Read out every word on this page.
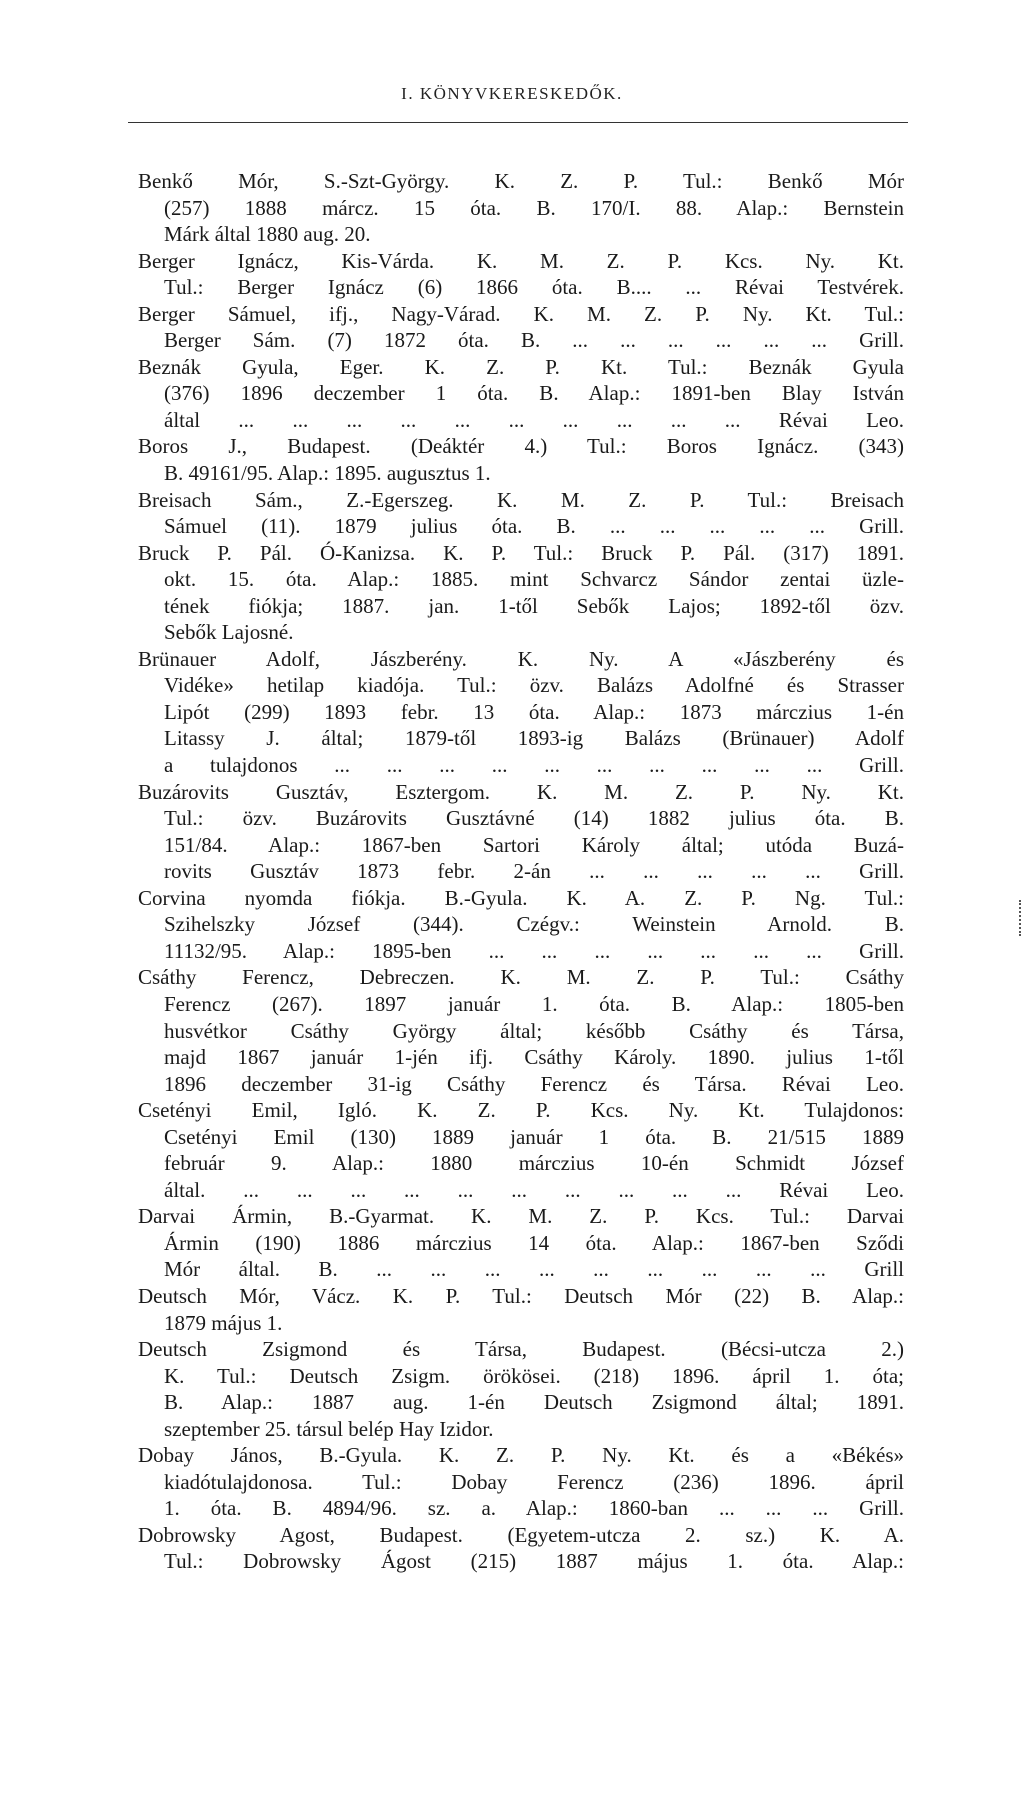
I. KÖNYVKERESKEDŐK.
Benkő Mór, S.-Szt-György. K. Z. P. Tul.: Benkő Mór
(257) 1888 márcz. 15 óta. B. 170/I. 88. Alap.: Bernstein
Márk által 1880 aug. 20.
Berger Ignácz, Kis-Várda. K. M. Z. P. Kcs. Ny. Kt.
Tul.: Berger Ignácz (6) 1866 óta. B.... ... Révai Testvérek.
Berger Sámuel, ifj., Nagy-Várad. K. M. Z. P. Ny. Kt. Tul.:
Berger Sám. (7) 1872 óta. B. ... ... ... ... ... ... Grill.
Beznák Gyula, Eger. K. Z. P. Kt. Tul.: Beznák Gyula
(376) 1896 deczember 1 óta. B. Alap.: 1891-ben Blay István
által ... ... ... ... ... ... ... ... ... ... Révai Leo.
Boros J., Budapest. (Deáktér 4.) Tul.: Boros Ignácz. (343)
B. 49161/95. Alap.: 1895. augusztus 1.
Breisach Sám., Z.-Egerszeg. K. M. Z. P. Tul.: Breisach
Sámuel (11). 1879 julius óta. B. ... ... ... ... ... Grill.
Bruck P. Pál. Ó-Kanizsa. K. P. Tul.: Bruck P. Pál. (317) 1891.
okt. 15. óta. Alap.: 1885. mint Schvarcz Sándor zentai üzle-
tének fiókja; 1887. jan. 1-től Sebők Lajos; 1892-től özv.
Sebők Lajosné.
Brünauer Adolf, Jászberény. K. Ny. A «Jászberény és
Vidéke» hetilap kiadója. Tul.: özv. Balázs Adolfné és Strasser
Lipót (299) 1893 febr. 13 óta. Alap.: 1873 márczius 1-én
Litassy J. által; 1879-től 1893-ig Balázs (Brünauer) Adolf
a tulajdonos ... ... ... ... ... ... ... ... ... ... Grill.
Buzárovits Gusztáv, Esztergom. K. M. Z. P. Ny. Kt.
Tul.: özv. Buzárovits Gusztávné (14) 1882 julius óta. B.
151/84. Alap.: 1867-ben Sartori Károly által; utóda Buzá-
rovits Gusztáv 1873 febr. 2-án ... ... ... ... ... Grill.
Corvina nyomda fiókja. B.-Gyula. K. A. Z. P. Ng. Tul.:
Szihelszky József (344). Czégv.: Weinstein Arnold. B.
11132/95. Alap.: 1895-ben ... ... ... ... ... ... ... Grill.
Csáthy Ferencz, Debreczen. K. M. Z. P. Tul.: Csáthy
Ferencz (267). 1897 január 1. óta. B. Alap.: 1805-ben
husvétkor Csáthy György által; később Csáthy és Társa,
majd 1867 január 1-jén ifj. Csáthy Károly. 1890. julius 1-től
1896 deczember 31-ig Csáthy Ferencz és Társa. Révai Leo.
Csetényi Emil, Igló. K. Z. P. Kcs. Ny. Kt. Tulajdonos:
Csetényi Emil (130) 1889 január 1 óta. B. 21/515 1889
február 9. Alap.: 1880 márczius 10-én Schmidt József
által. ... ... ... ... ... ... ... ... ... ... Révai Leo.
Darvai Ármin, B.-Gyarmat. K. M. Z. P. Kcs. Tul.: Darvai
Ármin (190) 1886 márczius 14 óta. Alap.: 1867-ben Sződi
Mór által. B. ... ... ... ... ... ... ... ... ... Grill
Deutsch Mór, Vácz. K. P. Tul.: Deutsch Mór (22) B. Alap.:
1879 május 1.
Deutsch Zsigmond és Társa, Budapest. (Bécsi-utcza 2.)
K. Tul.: Deutsch Zsigm. örökösei. (218) 1896. ápril 1. óta;
B. Alap.: 1887 aug. 1-én Deutsch Zsigmond által; 1891.
szeptember 25. társul belép Hay Izidor.
Dobay János, B.-Gyula. K. Z. P. Ny. Kt. és a «Békés»
kiadótulajdonosa. Tul.: Dobay Ferencz (236) 1896. ápril
1. óta. B. 4894/96. sz. a. Alap.: 1860-ban ... ... ... Grill.
Dobrowsky Agost, Budapest. (Egyetem-utcza 2. sz.) K. A.
Tul.: Dobrowsky Ágost (215) 1887 május 1. óta. Alap.:
